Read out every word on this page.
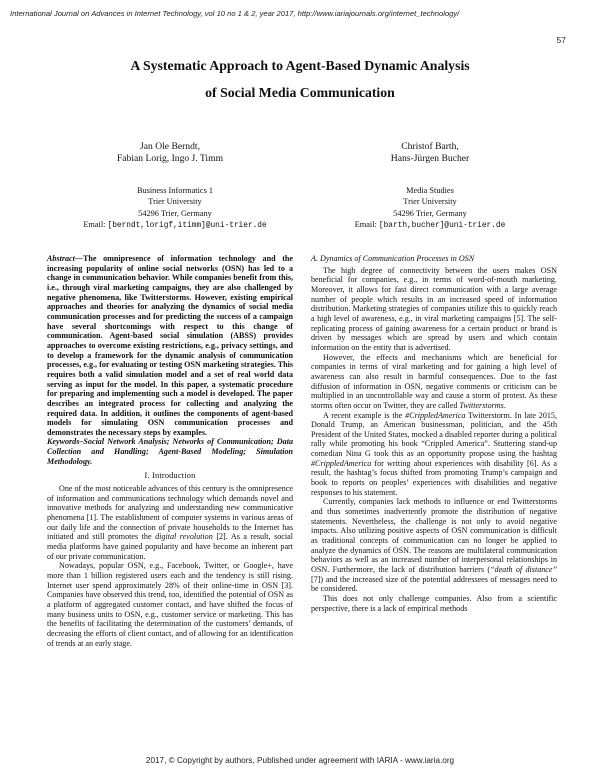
International Journal on Advances in Internet Technology, vol 10 no 1 & 2, year 2017, http://www.iariajournals.org/internet_technology/
57
A Systematic Approach to Agent-Based Dynamic Analysis
of Social Media Communication
Jan Ole Berndt,
Fabian Lorig, Ingo J. Timm
Christof Barth,
Hans-Jürgen Bucher
Business Informatics 1
Trier University
54296 Trier, Germany
Email: [berndt,lorigf,itimm]@uni-trier.de
Media Studies
Trier University
54296 Trier, Germany
Email: [barth,bucher]@uni-trier.de

Abstract—The omnipresence of information technology and the increasing popularity of online social networks (OSN) has led to a change in communication behavior. While companies benefit from this, i.e., through viral marketing campaigns, they are also challenged by negative phenomena, like Twitterstorms. However, existing empirical approaches and theories for analyzing the dynamics of social media communication processes and for predicting the success of a campaign have several shortcomings with respect to this change of communication. Agent-based social simulation (ABSS) provides approaches to overcome existing restrictions, e.g., privacy settings, and to develop a framework for the dynamic analysis of communication processes, e.g., for evaluating or testing OSN marketing strategies. This requires both a valid simulation model and a set of real world data serving as input for the model. In this paper, a systematic procedure for preparing and implementing such a model is developed. The paper describes an integrated process for collecting and analyzing the required data. In addition, it outlines the components of agent-based models for simulating OSN communication processes and demonstrates the necessary steps by examples.

Keywords–Social Network Analysis; Networks of Communication; Data Collection and Handling; Agent-Based Modeling; Simulation Methodology.

I. Introduction

One of the most noticeable advances of this century is the omnipresence of information and communications technology which demands novel and innovative methods for analyzing and understanding new communicative phenomena [1]. The establishment of computer systems in various areas of our daily life and the connection of private households to the Internet has initiated and still promotes the digital revolution [2]. As a result, social media platforms have gained popularity and have become an inherent part of our private communication.

Nowadays, popular OSN, e.g., Facebook, Twitter, or Google+, have more than 1 billion registered users each and the tendency is still rising. Internet user spend approximately 28% of their online-time in OSN [3]. Companies have observed this trend, too, identified the potential of OSN as a platform of aggregated customer contact, and have shifted the focus of many business units to OSN, e.g., customer service or marketing. This has the benefits of facilitating the determination of the customers’ demands, of decreasing the efforts of client contact, and of allowing for an identification of trends at an early stage.

A. Dynamics of Communication Processes in OSN

The high degree of connectivity between the users makes OSN beneficial for companies, e.g., in terms of word-of-mouth marketing. Moreover, it allows for fast direct communication with a large average number of people which results in an increased speed of information distribution. Marketing strategies of companies utilize this to quickly reach a high level of awareness, e.g., in viral marketing campaigns [5]. The self-replicating process of gaining awareness for a certain product or brand is driven by messages which are spread by users and which contain information on the entity that is advertised.

However, the effects and mechanisms which are beneficial for companies in terms of viral marketing and for gaining a high level of awareness can also result in harmful consequences. Due to the fast diffusion of information in OSN, negative comments or criticism can be multiplied in an uncontrollable way and cause a storm of protest. As these storms often occur on Twitter, they are called Twitterstorms.

A recent example is the #CrippledAmerica Twitterstorm. In late 2015, Donald Trump, an American businessman, politician, and the 45th President of the United States, mocked a disabled reporter during a political rally while promoting his book “Crippled America”. Stuttering stand-up comedian Nina G took this as an opportunity propose using the hashtag #CrippledAmerica for writing about experiences with disability [6]. As a result, the hashtag’s focus shifted from promoting Trump’s campaign and book to reports on peoples’ experiences with disabilities and negative responses to his statement.

Currently, companies lack methods to influence or end Twitterstorms and thus sometimes inadvertently promote the distribution of negative statements. Nevertheless, the challenge is not only to avoid negative impacts. Also utilizing positive aspects of OSN communication is difficult as traditional concepts of communication can no longer be applied to analyze the dynamics of OSN. The reasons are multilateral communication behaviors as well as an increased number of interpersonal relationships in OSN. Furthermore, the lack of distribution barriers (“death of distance” [7]) and the increased size of the potential addressees of messages need to be considered.

This does not only challenge companies. Also from a scientific perspective, there is a lack of empirical methods

2017, © Copyright by authors, Published under agreement with IARIA - www.iaria.org
